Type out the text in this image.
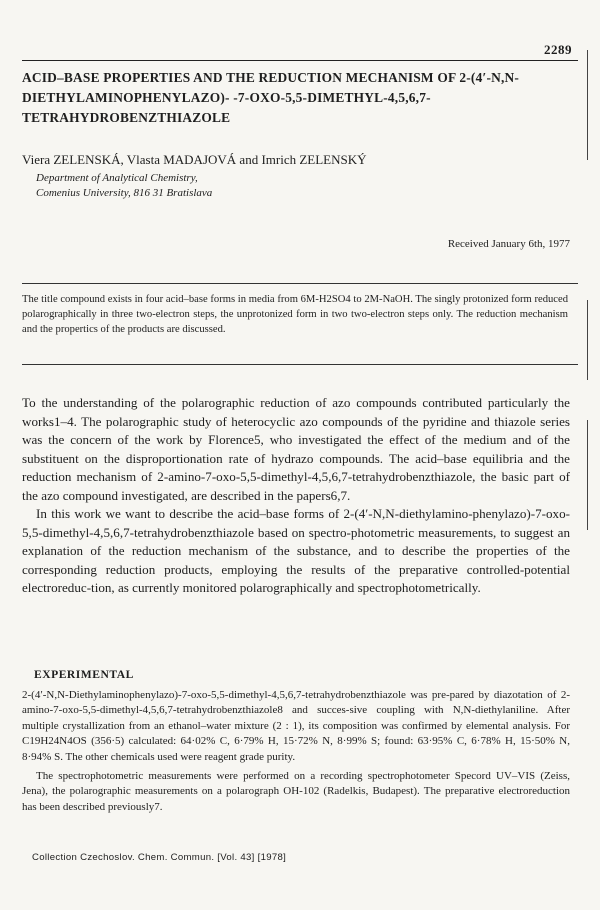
2289
ACID–BASE PROPERTIES AND THE REDUCTION MECHANISM OF 2-(4′-N,N-DIETHYLAMINOPHENYLAZO)- -7-OXO-5,5-DIMETHYL-4,5,6,7-TETRAHYDROBENZTHIAZOLE
Viera ZELENSKÁ, Vlasta MADAJOVÁ and Imrich ZELENSKÝ
Department of Analytical Chemistry,
Comenius University, 816 31 Bratislava
Received January 6th, 1977

The title compound exists in four acid–base forms in media from 6M-H2SO4 to 2M-NaOH. The singly protonized form reduced polarographically in three two-electron steps, the unprotonized form in two two-electron steps only. The reduction mechanism and the propertics of the products are discussed.

To the understanding of the polarographic reduction of azo compounds contributed particularly the works1–4. The polarographic study of heterocyclic azo compounds of the pyridine and thiazole series was the concern of the work by Florence5, who investigated the effect of the medium and of the substituent on the disproportionation rate of hydrazo compounds. The acid–base equilibria and the reduction mechanism of 2-amino-7-oxo-5,5-dimethyl-4,5,6,7-tetrahydrobenzthiazole, the basic part of the azo compound investigated, are described in the papers6,7.

In this work we want to describe the acid–base forms of 2-(4′-N,N-diethylamino-phenylazo)-7-oxo-5,5-dimethyl-4,5,6,7-tetrahydrobenzthiazole based on spectro-photometric measurements, to suggest an explanation of the reduction mechanism of the substance, and to describe the properties of the corresponding reduction products, employing the results of the preparative controlled-potential electroreduc-tion, as currently monitored polarographically and spectrophotometrically.

EXPERIMENTAL

2-(4′-N,N-Diethylaminophenylazo)-7-oxo-5,5-dimethyl-4,5,6,7-tetrahydrobenzthiazole was pre-pared by diazotation of 2-amino-7-oxo-5,5-dimethyl-4,5,6,7-tetrahydrobenzthiazole8 and succes-sive coupling with N,N-diethylaniline. After multiple crystallization from an ethanol–water mixture (2 : 1), its composition was confirmed by elemental analysis. For C19H24N4OS (356·5) calculated: 64·02% C, 6·79% H, 15·72% N, 8·99% S; found: 63·95% C, 6·78% H, 15·50% N, 8·94% S. The other chemicals used were reagent grade purity.

The spectrophotometric measurements were performed on a recording spectrophotometer Specord UV–VIS (Zeiss, Jena), the polarographic measurements on a polarograph OH-102 (Radelkis, Budapest). The preparative electroreduction has been described previously7.

Collection Czechoslov. Chem. Commun. [Vol. 43] [1978]
